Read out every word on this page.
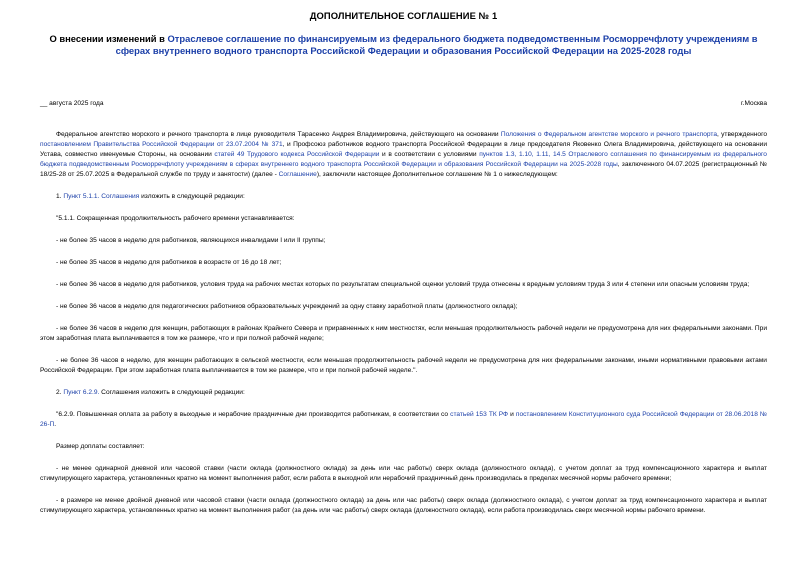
ДОПОЛНИТЕЛЬНОЕ СОГЛАШЕНИЕ № 1
О внесении изменений в Отраслевое соглашение по финансируемым из федерального бюджета подведомственным Росморречфлоту учреждениям в сферах внутреннего водного транспорта Российской Федерации и образования Российской Федерации на 2025-2028 годы
__ августа 2025 года	г.Москва

Федеральное агентство морского и речного транспорта в лице руководителя Тарасенко Андрея Владимировича, действующего на основании Положения о Федеральном агентстве морского и речного транспорта, утвержденного постановлением Правительства Российской Федерации от 23.07.2004 № 371, и Профсоюз работников водного транспорта Российской Федерации в лице председателя Яковенко Олега Владимировича, действующего на основании Устава, совместно именуемые Стороны, на основании статей 49 Трудового кодекса Российской Федерации и в соответствии с условиями пунктов 1.3, 1.10, 1.11, 14.5 Отраслевого соглашения по финансируемым из федерального бюджета подведомственным Росморречфлоту учреждениям в сферах внутреннего водного транспорта Российской Федерации и образования Российской Федерации на 2025-2028 годы, заключенного 04.07.2025 (регистрационный № 18/25-28 от 25.07.2025 в Федеральной службе по труду и занятости) (далее - Соглашение), заключили настоящее Дополнительное соглашение № 1 о нижеследующем:

1. Пункт 5.1.1. Соглашения изложить в следующей редакции:

"5.1.1. Сокращенная продолжительность рабочего времени устанавливается:

- не более 35 часов в неделю для работников, являющихся инвалидами I или II группы;

- не более 35 часов в неделю для работников в возрасте от 16 до 18 лет;

- не более 36 часов в неделю для работников, условия труда на рабочих местах которых по результатам специальной оценки условий труда отнесены к вредным условиям труда 3 или 4 степени или опасным условиям труда;

- не более 36 часов в неделю для педагогических работников образовательных учреждений за одну ставку заработной платы (должностного оклада);

- не более 36 часов в неделю для женщин, работающих в районах Крайнего Севера и приравненных к ним местностях, если меньшая продолжительность рабочей недели не предусмотрена для них федеральными законами. При этом заработная плата выплачивается в том же размере, что и при полной рабочей неделе;

- не более 36 часов в неделю, для женщин работающих в сельской местности, если меньшая продолжительность рабочей недели не предусмотрена для них федеральными законами, иными нормативными правовыми актами Российской Федерации. При этом заработная плата выплачивается в том же размере, что и при полной рабочей неделе.".

2. Пункт 6.2.9. Соглашения изложить в следующей редакции:

"6.2.9. Повышенная оплата за работу в выходные и нерабочие праздничные дни производится работникам, в соответствии со статьей 153 ТК РФ и постановлением Конституционного суда Российской Федерации от 28.06.2018 № 26-П.

Размер доплаты составляет:

- не менее одинарной дневной или часовой ставки (части оклада (должностного оклада) за день или час работы) сверх оклада (должностного оклада), с учетом доплат за труд компенсационного характера и выплат стимулирующего характера, установленных кратно на момент выполнения работ, если работа в выходной или нерабочий праздничный день производилась в пределах месячной нормы рабочего времени;

- в размере не менее двойной дневной или часовой ставки (части оклада (должностного оклада) за день или час работы) сверх оклада (должностного оклада), с учетом доплат за труд компенсационного характера и выплат стимулирующего характера, установленных кратно на момент выполнения работ (за день или час работы) сверх оклада (должностного оклада), если работа производилась сверх месячной нормы рабочего времени.
